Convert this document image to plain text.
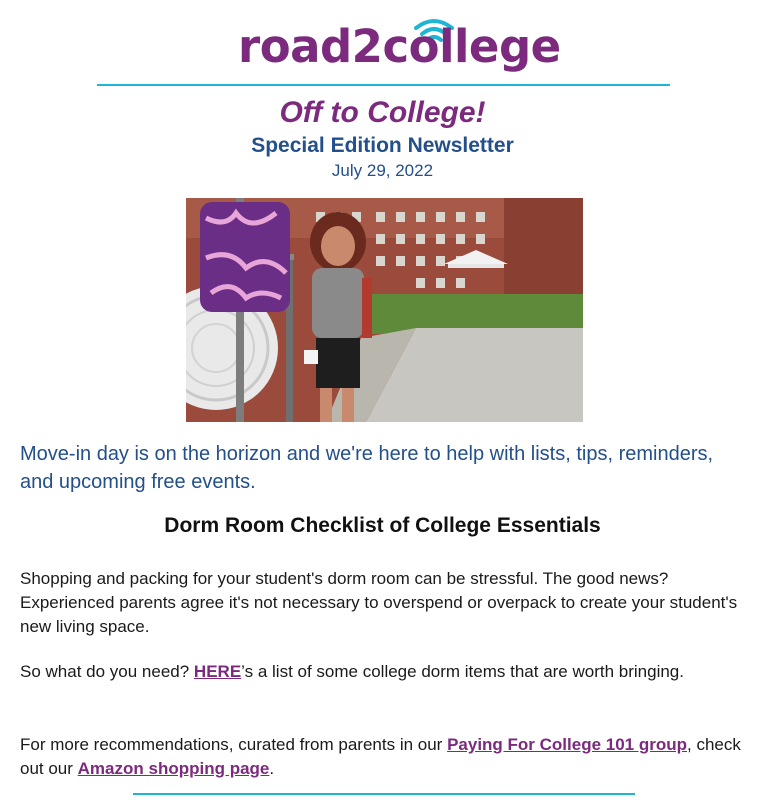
road2college
Off to College!
Special Edition Newsletter
July 29, 2022
Move-in day is on the horizon and we're here to help with lists, tips, reminders, and upcoming free events.
Dorm Room Checklist of College Essentials
Shopping and packing for your student's dorm room can be stressful. The good news? Experienced parents agree it's not necessary to overspend or overpack to create your student's new living space.
So what do you need? HERE’s a list of some college dorm items that are worth bringing.
For more recommendations, curated from parents in our Paying For College 101 group, check out our Amazon shopping page.
